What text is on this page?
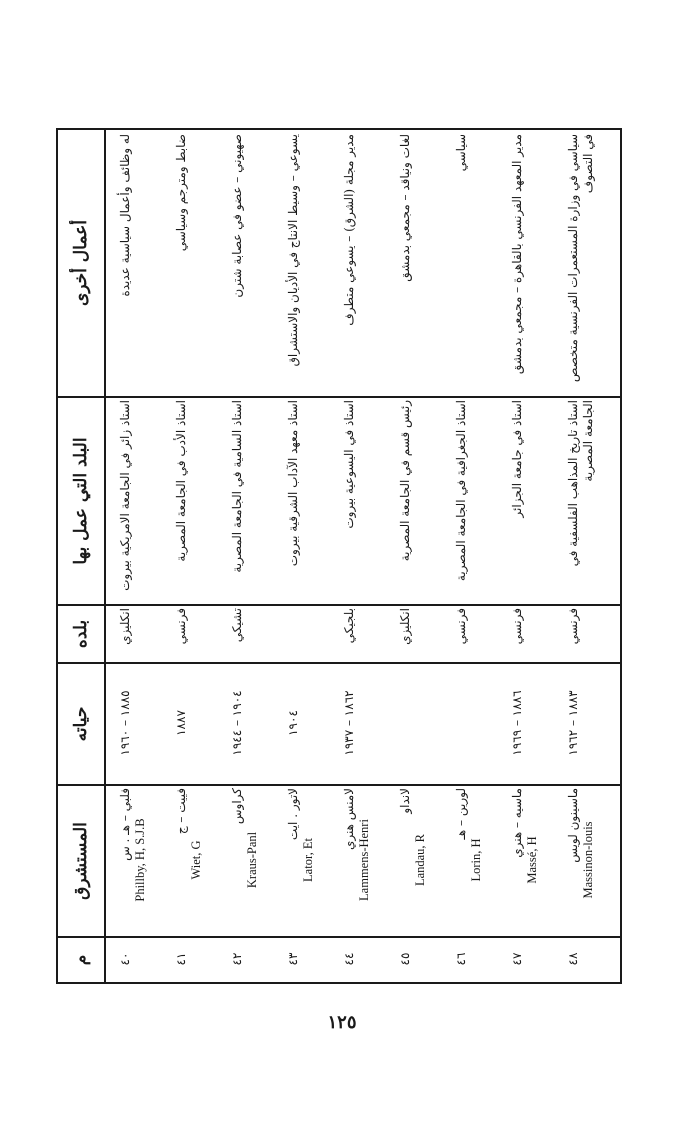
م
المستشرق
حياته
بلده
البلد التي عمل بها
أعمال أخرى
٤٠
فلبي – هـ . س Phillby, H, S.J.B
١٨٨٥ – ١٩٦٠
انكليزي
استاذ زائر في الجامعة الامريكية بيروت
له وظائف وأعمال سياسية عديدة
٤١
فييت – ج
Wiet, G
١٨٨٧
فرنسي
استاذ الأدب في الجامعة المصرية
ضابط ومترجم وسياسي
٤٢
كراوس
Kraus-Panl
١٩٠٤ – ١٩٤٤
تشيكي
استاذ السامية في الجامعة المصرية
صهيوني – عضو في عصابة شترن
٤٣
لاتور . ايت
Lator, Et
١٩٠٤
استاذ معهد الآداب الشرقية بيروت
يسوعي – وسيط الانتاج في الأديان والاستشراق
٤٤
لامنس هنري
Lammens-Henri
١٨٦٢ – ١٩٣٧
بلجيكي
استاذ في اليسوعية بيروت
مدير مجلة (الشرق) – يسوعي متطرف
٤٥
لانداو
Landau, R
انكليزي
رئيس قسم في الجامعة المصرية
لغات ونياقد – مجمعي بدمشق
٤٦
لورين – هـ
Lorin, H
فرنسي
استاذ الجغرافية في الجامعة المصرية
سياسي
٤٧
ماسيه – هنري
Massé, H
١٨٨٦ – ١٩٦٩
فرنسي
استاذ في جامعة الجزائر
مدير المعهد الفرنسي بالقاهرة – مجمعي بدمشق
٤٨
ماسينون لويس Massinon-louis
١٨٨٣ – ١٩٦٢
فرنسي
استاذ تاريخ المذاهب الفلسفية في الجامعة المصرية
سياسي في وزارة المستعمرات الفرنسية متخصص في التصوف
١٢٥
